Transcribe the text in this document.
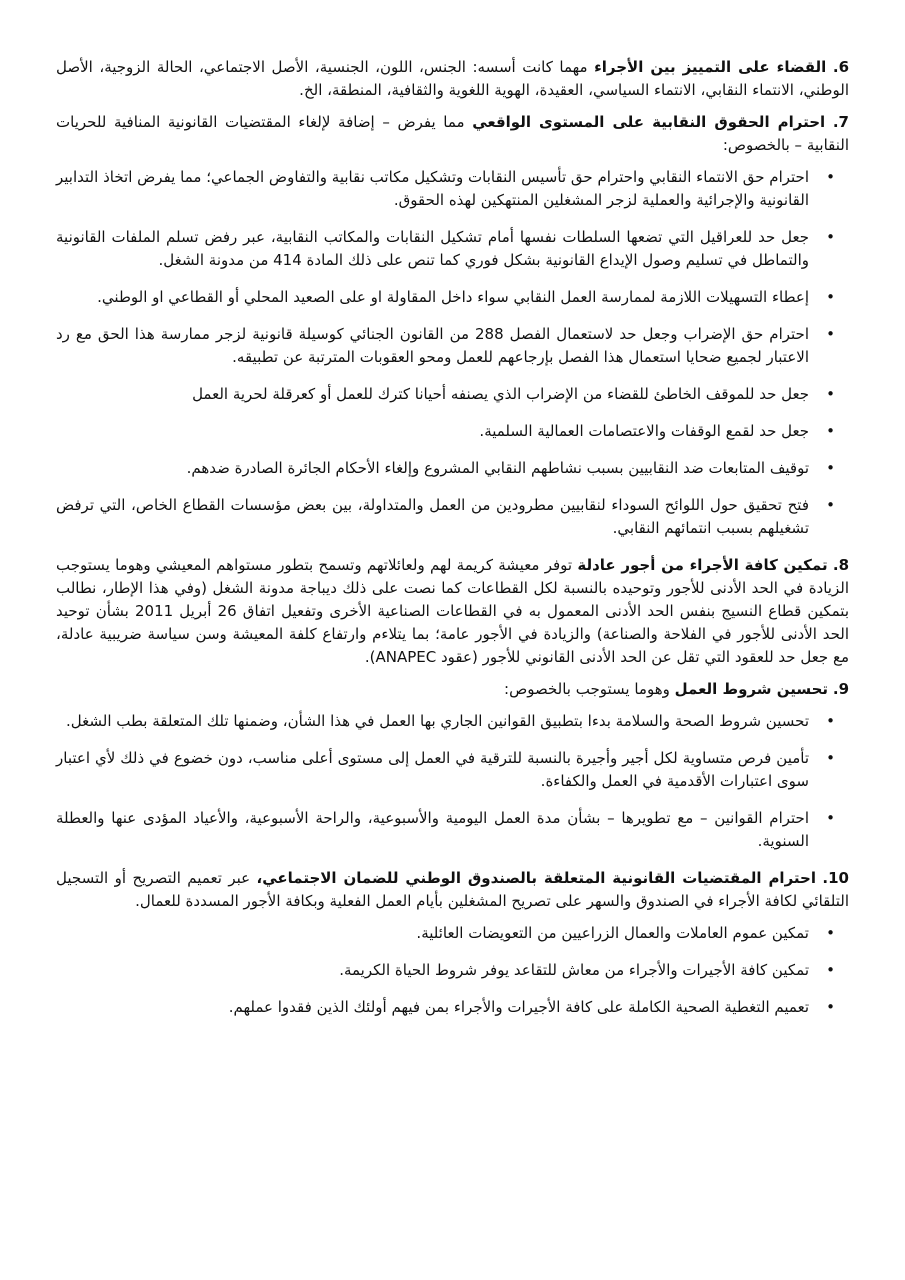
6. القضاء على التمييز بين الأجراء مهما كانت أسسه: الجنس، اللون، الجنسية، الأصل الاجتماعي، الحالة الزوجية، الأصل الوطني، الانتماء النقابي، الانتماء السياسي، العقيدة، الهوية اللغوية والثقافية، المنطقة، الخ.

7. احترام الحقوق النقابية على المستوى الواقعي مما يفرض – إضافة لإلغاء المقتضيات القانونية المنافية للحريات النقابية – بالخصوص:

•
احترام حق الانتماء النقابي واحترام حق تأسيس النقابات وتشكيل مكاتب نقابية والتفاوض الجماعي؛ مما يفرض اتخاذ التدابير القانونية والإجرائية والعملية لزجر المشغلين المنتهكين لهذه الحقوق.
•
جعل حد للعراقيل التي تضعها السلطات نفسها أمام تشكيل النقابات والمكاتب النقابية، عبر رفض تسلم الملفات القانونية والتماطل في تسليم وصول الإيداع القانونية بشكل فوري كما تنص على ذلك المادة 414 من مدونة الشغل.
•
إعطاء التسهيلات اللازمة لممارسة العمل النقابي سواء داخل المقاولة او على الصعيد المحلي أو القطاعي او الوطني.
•
احترام حق الإضراب وجعل حد لاستعمال الفصل 288 من القانون الجنائي كوسيلة قانونية لزجر ممارسة هذا الحق مع رد الاعتبار لجميع ضحايا استعمال هذا الفصل بإرجاعهم للعمل ومحو العقوبات المترتبة عن تطبيقه.
•
جعل حد للموقف الخاطئ للقضاء من الإضراب الذي يصنفه أحيانا كترك للعمل أو كعرقلة لحرية العمل
•
جعل حد لقمع الوقفات والاعتصامات العمالية السلمية.
•
توقيف المتابعات ضد النقابيين بسبب نشاطهم النقابي المشروع وإلغاء الأحكام الجائرة الصادرة ضدهم.
•
فتح تحقيق حول اللوائح السوداء لنقابيين مطرودين من العمل والمتداولة، بين بعض مؤسسات القطاع الخاص، التي ترفض تشغيلهم بسبب انتمائهم النقابي.

8. تمكين كافة الأجراء من أجور عادلة توفر معيشة كريمة لهم ولعائلاتهم وتسمح بتطور مستواهم المعيشي وهوما يستوجب الزيادة في الحد الأدنى للأجور وتوحيده بالنسبة لكل القطاعات كما نصت على ذلك ديباجة مدونة الشغل (وفي هذا الإطار، نطالب بتمكين قطاع النسيج بنفس الحد الأدنى المعمول به في القطاعات الصناعية الأخرى وتفعيل اتفاق 26 أبريل 2011 بشأن توحيد الحد الأدنى للأجور في الفلاحة والصناعة) والزيادة في الأجور عامة؛ بما يتلاءم وارتفاع كلفة المعيشة وسن سياسة ضريبية عادلة، مع جعل حد للعقود التي تقل عن الحد الأدنى القانوني للأجور (عقود ANAPEC).

9. تحسين شروط العمل وهوما يستوجب بالخصوص:

•
تحسين شروط الصحة والسلامة بدءا بتطبيق القوانين الجاري بها العمل في هذا الشأن، وضمنها تلك المتعلقة بطب الشغل.
•
تأمين فرص متساوية لكل أجير وأجيرة بالنسبة للترقية في العمل إلى مستوى أعلى مناسب، دون خضوع في ذلك لأي اعتبار سوى اعتبارات الأقدمية في العمل والكفاءة.
•
احترام القوانين – مع تطويرها – بشأن مدة العمل اليومية والأسبوعية، والراحة الأسبوعية، والأعياد المؤدى عنها والعطلة السنوية.

10. احترام المقتضيات القانونية المتعلقة بالصندوق الوطني للضمان الاجتماعي، عبر تعميم التصريح أو التسجيل التلقائي لكافة الأجراء في الصندوق والسهر على تصريح المشغلين بأيام العمل الفعلية وبكافة الأجور المسددة للعمال.

•
تمكين عموم العاملات والعمال الزراعيين من التعويضات العائلية.
•
تمكين كافة الأجيرات والأجراء من معاش للتقاعد يوفر شروط الحياة الكريمة.
•
تعميم التغطية الصحية الكاملة على كافة الأجيرات والأجراء بمن فيهم أولئك الذين فقدوا عملهم.
